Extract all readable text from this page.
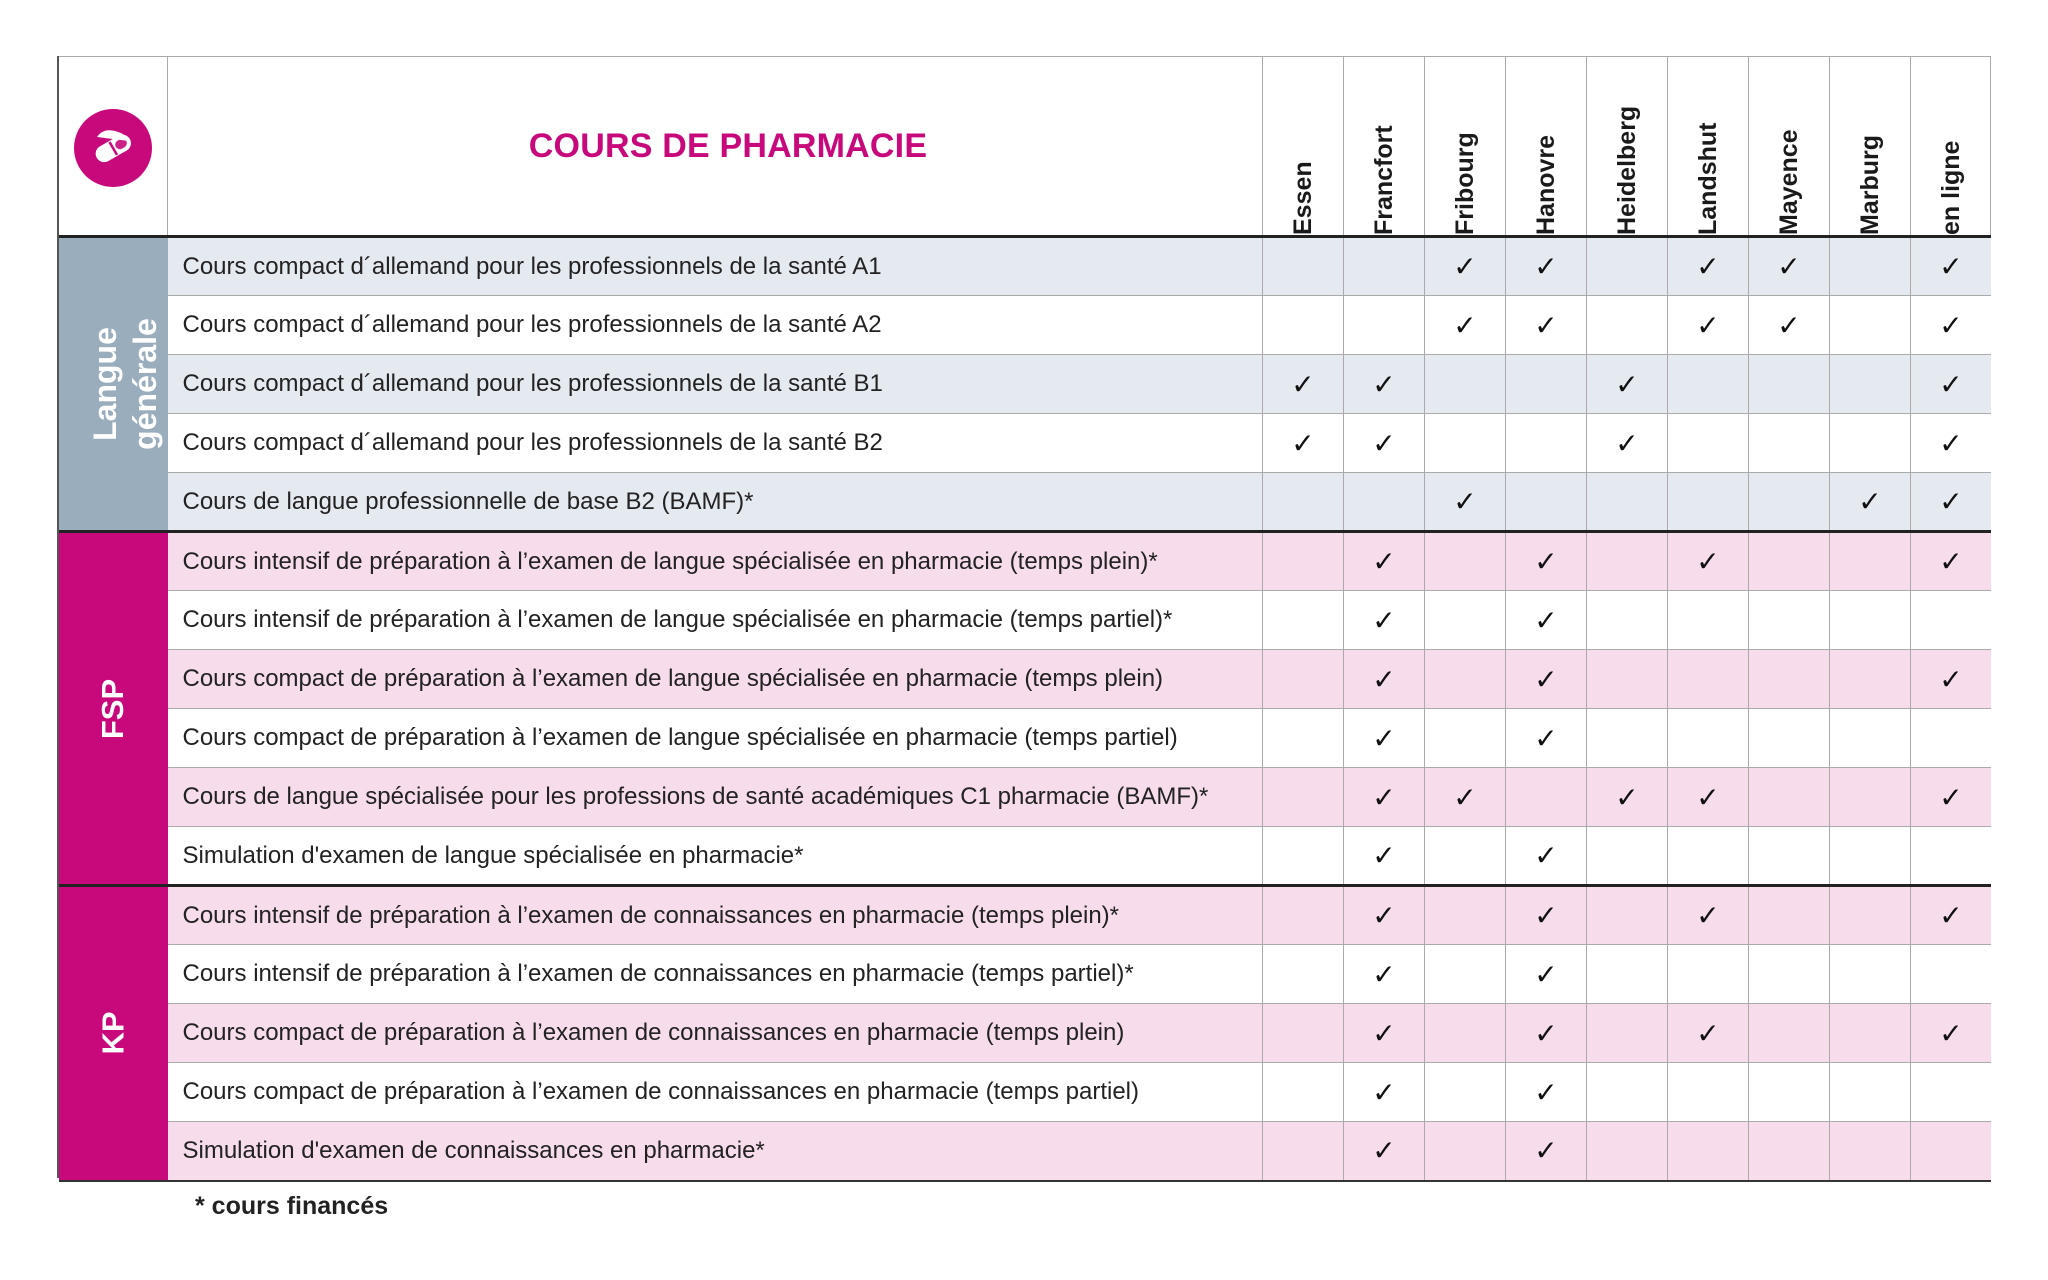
COURS DE PHARMACIE	Essen	Francfort	Fribourg	Hanovre	Heidelberg	Landshut	Mayence	Marburg	en ligne

Langue générale	Cours compact d´allemand pour les professionnels de la santé A1			✓	✓		✓	✓		✓
	Cours compact d´allemand pour les professionnels de la santé A2			✓	✓		✓	✓		✓
	Cours compact d´allemand pour les professionnels de la santé B1	✓	✓			✓				✓
	Cours compact d´allemand pour les professionnels de la santé B2	✓	✓			✓				✓
	Cours de langue professionnelle de base B2 (BAMF)*			✓					✓	✓

FSP	Cours intensif de préparation à l’examen de langue spécialisée en pharmacie (temps plein)*		✓		✓		✓			✓
	Cours intensif de préparation à l’examen de langue spécialisée en pharmacie (temps partiel)*		✓		✓					
	Cours compact de préparation à l’examen de langue spécialisée en pharmacie (temps plein)		✓		✓					✓
	Cours compact de préparation à l’examen de langue spécialisée en pharmacie (temps partiel)		✓		✓					
	Cours de langue spécialisée pour les professions de santé académiques C1 pharmacie (BAMF)*		✓	✓		✓	✓			✓
	Simulation d'examen de langue spécialisée en pharmacie*		✓		✓					

KP	Cours intensif de préparation à l’examen de connaissances en pharmacie (temps plein)*		✓		✓		✓			✓
	Cours intensif de préparation à l’examen de connaissances en pharmacie (temps partiel)*		✓		✓					
	Cours compact de préparation à l’examen de connaissances en pharmacie (temps plein)		✓		✓		✓			✓
	Cours compact de préparation à l’examen de connaissances en pharmacie (temps partiel)		✓		✓					
	Simulation d'examen de connaissances en pharmacie*		✓		✓					
* cours financés
